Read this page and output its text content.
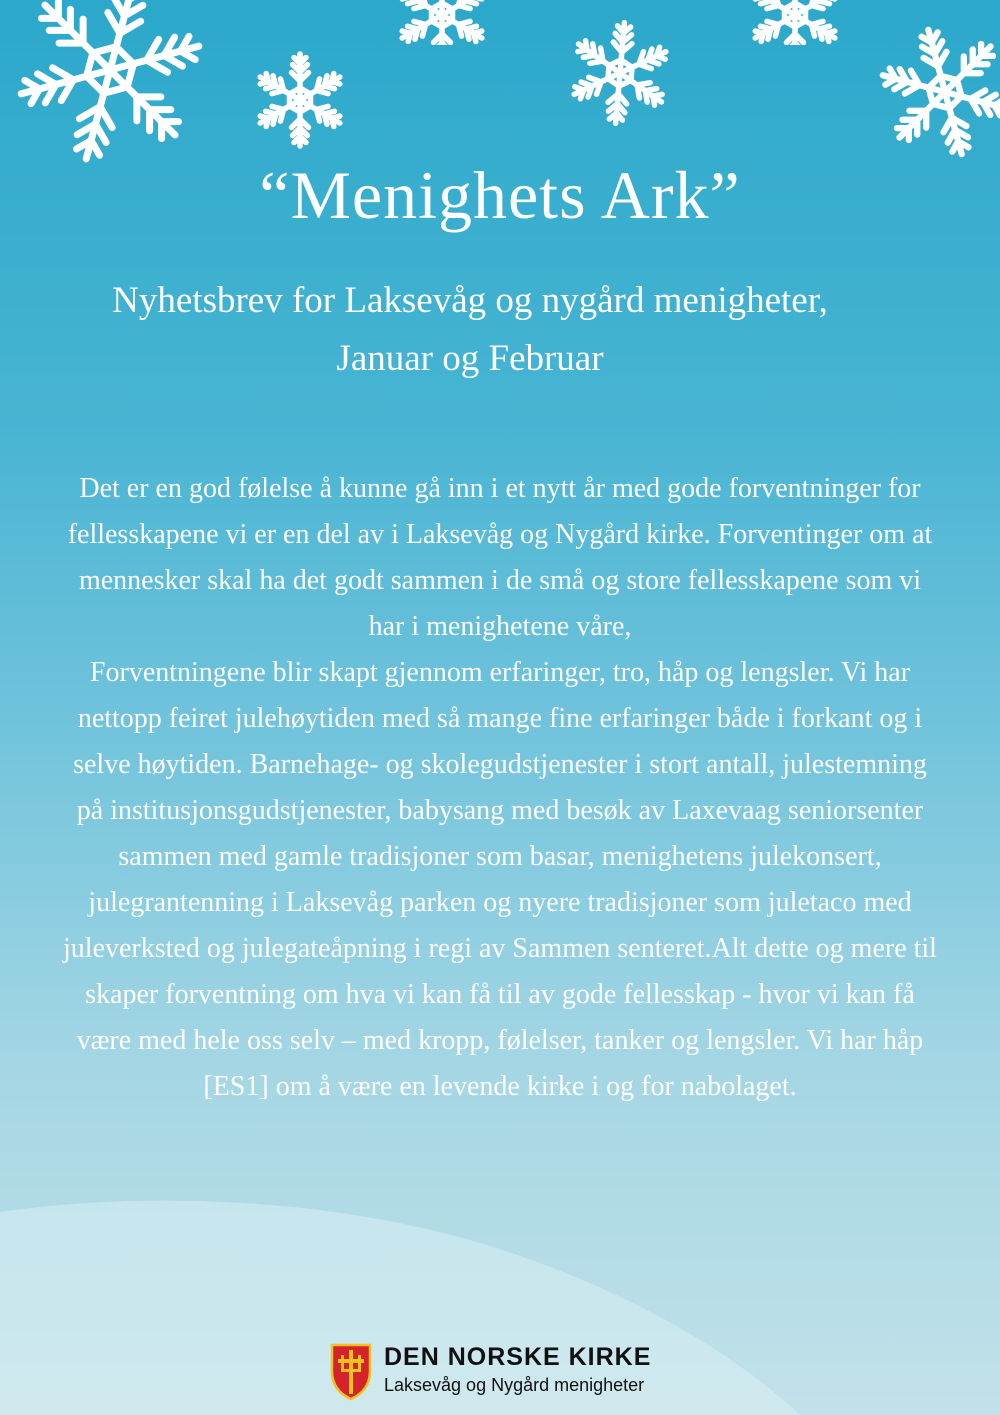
“Menighets Ark”
Nyhetsbrev for Laksevåg og nygård menigheter,
Januar og Februar

Det er en god følelse å kunne gå inn i et nytt år med gode forventninger for fellesskapene vi er en del av i Laksevåg og Nygård kirke. Forventinger om at mennesker skal ha det godt sammen i de små og store fellesskapene som vi har i menighetene våre,

Forventningene blir skapt gjennom erfaringer, tro, håp og lengsler. Vi har nettopp feiret julehøytiden med så mange fine erfaringer både i forkant og i selve høytiden. Barnehage- og skolegudstjenester i stort antall, julestemning på institusjonsgudstjenester, babysang med besøk av Laxevaag seniorsenter sammen med gamle tradisjoner som basar, menighetens julekonsert, julegrantenning i Laksevåg parken og nyere tradisjoner som juletaco med juleverksted og julegateåpning i regi av Sammen senteret.Alt dette og mere til skaper forventning om hva vi kan få til av gode fellesskap - hvor vi kan få være med hele oss selv – med kropp, følelser, tanker og lengsler. Vi har håp [ES1] om å være en levende kirke i og for nabolaget.

DEN NORSKE KIRKE
Laksevåg og Nygård menigheter
